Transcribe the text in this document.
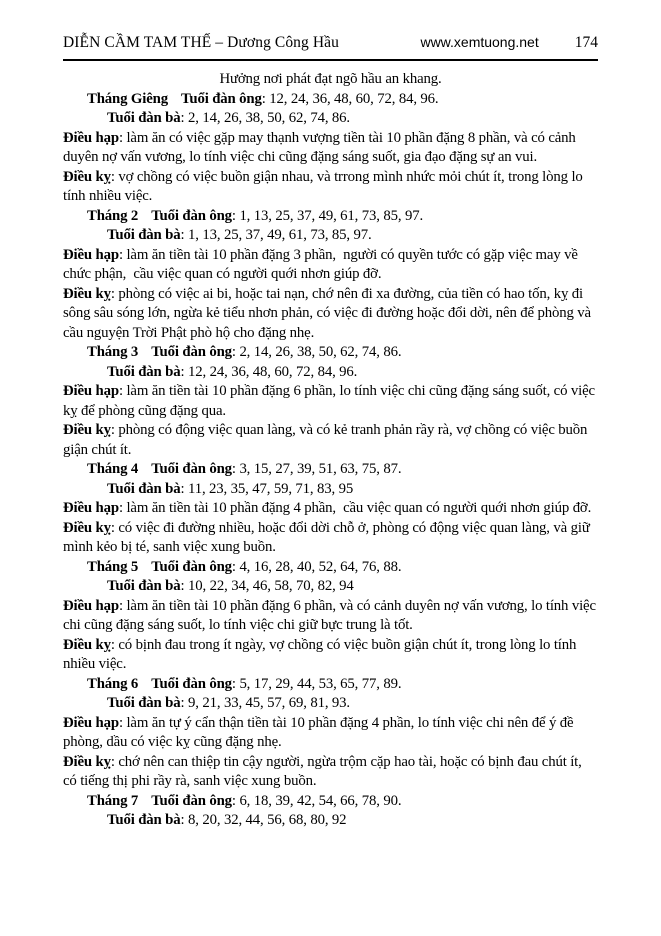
DIỄN CẦM TAM THẾ – Dương Công Hầu	www.xemtuong.net 174

Hưởng nơi phát đạt ngõ hầu an khang.

Tháng Giêng Tuổi đàn ông: 12, 24, 36, 48, 60, 72, 84, 96.

Tuổi đàn bà: 2, 14, 26, 38, 50, 62, 74, 86.

Điều hạp: làm ăn có việc gặp may thạnh vượng tiền tài 10 phần đặng 8 phần, và có cảnh duyên nợ vấn vương, lo tính việc chi cũng đặng sáng suốt, gia đạo đặng sự an vui.

Điều kỵ: vợ chồng có việc buồn giận nhau, và trrong mình nhức mỏi chút ít, trong lòng lo tính nhiều việc.

Tháng 2 Tuổi đàn ông: 1, 13, 25, 37, 49, 61, 73, 85, 97.

Tuổi đàn bà: 1, 13, 25, 37, 49, 61, 73, 85, 97.

Điều hạp: làm ăn tiền tài 10 phần đặng 3 phần,  người có quyền tước có gặp việc may về chức phận,  cầu việc quan có người quới nhơn giúp đỡ.

Điều kỵ: phòng có việc ai bi, hoặc tai nạn, chớ nên đi xa đường, của tiền có hao tốn, kỵ đi sông sâu sóng lớn, ngừa kẻ tiểu nhơn phản, có việc đi đường hoặc đổi dời, nên để phòng và cầu nguyện Trời Phật phò hộ cho đặng nhẹ.

Tháng 3 Tuổi đàn ông: 2, 14, 26, 38, 50, 62, 74, 86.

Tuổi đàn bà: 12, 24, 36, 48, 60, 72, 84, 96.

Điều hạp: làm ăn tiền tài 10 phần đặng 6 phần, lo tính việc chi cũng đặng sáng suốt, có việc kỵ để phòng cũng đặng qua.

Điều kỵ: phòng có động việc quan làng, và có kẻ tranh phản rầy rà, vợ chồng có việc buồn giận chút ít.

Tháng 4 Tuổi đàn ông: 3, 15, 27, 39, 51, 63, 75, 87.

Tuổi đàn bà: 11, 23, 35, 47, 59, 71, 83, 95

Điều hạp: làm ăn tiền tài 10 phần đặng 4 phần,  cầu việc quan có người quới nhơn giúp đỡ.

Điều kỵ: có việc đi đường nhiều, hoặc đổi dời chỗ ở, phòng có động việc quan làng, và giữ mình kẻo bị té, sanh việc xung buồn.

Tháng 5 Tuổi đàn ông: 4, 16, 28, 40, 52, 64, 76, 88.

Tuổi đàn bà: 10, 22, 34, 46, 58, 70, 82, 94

Điều hạp: làm ăn tiền tài 10 phần đặng 6 phần, và có cảnh duyên nợ vấn vương, lo tính việc chi cũng đặng sáng suốt, lo tính việc chi giữ bực trung là tốt.

Điều kỵ: có bịnh đau trong ít ngày, vợ chồng có việc buồn giận chút ít, trong lòng lo tính nhiều việc.

Tháng 6 Tuổi đàn ông: 5, 17, 29, 44, 53, 65, 77, 89.

Tuổi đàn bà: 9, 21, 33, 45, 57, 69, 81, 93.

Điều hạp: làm ăn tự ý cẩn thận tiền tài 10 phần đặng 4 phần, lo tính việc chi nên để ý đề phòng, dầu có việc kỵ cũng đặng nhẹ.

Điều kỵ: chớ nên can thiệp tin cậy người, ngừa trộm cặp hao tài, hoặc có bịnh đau chút ít, có tiếng thị phi rầy rà, sanh việc xung buồn.

Tháng 7 Tuổi đàn ông: 6, 18, 39, 42, 54, 66, 78, 90.

Tuổi đàn bà: 8, 20, 32, 44, 56, 68, 80, 92
